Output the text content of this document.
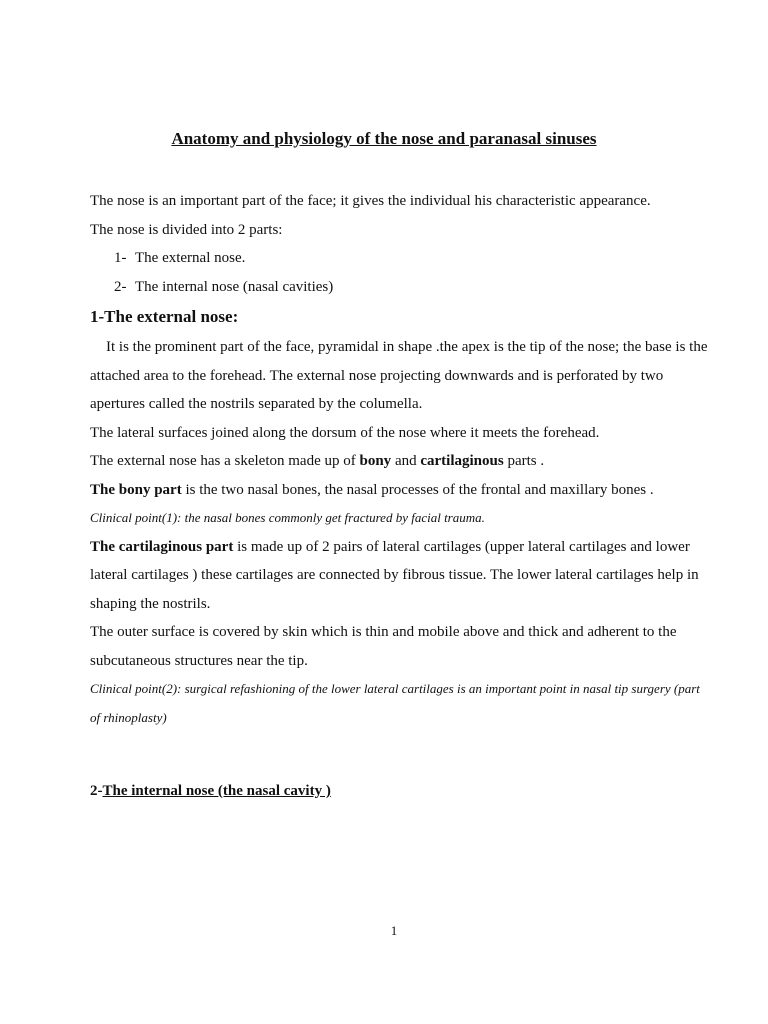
Anatomy and physiology of the nose and paranasal sinuses

The nose is an important part of the face; it gives the individual his characteristic appearance.

The nose is divided into 2 parts:

1- The external nose.

2- The internal nose (nasal cavities)

1-The external nose:

It is the prominent part of the face, pyramidal in shape .the apex is the tip of the nose; the base is the attached area to the forehead. The external nose projecting downwards and is perforated by two apertures called the nostrils separated by the columella.

The lateral surfaces joined along the dorsum of the nose where it meets the forehead.

The external nose has a skeleton made up of bony and cartilaginous parts .

The bony part is the two nasal bones, the nasal processes of the frontal and maxillary bones .

Clinical point(1): the nasal bones commonly get fractured by facial trauma.

The cartilaginous part is made up of 2 pairs of lateral cartilages (upper lateral cartilages and lower lateral cartilages ) these cartilages are connected by fibrous tissue. The lower lateral cartilages help in shaping the nostrils.

The outer surface is covered by skin which is thin and mobile above and thick and adherent to the subcutaneous structures near the tip.

Clinical point(2): surgical refashioning of the lower lateral cartilages is an important point in nasal tip surgery (part of rhinoplasty)

2-The internal nose (the nasal cavity )

1
